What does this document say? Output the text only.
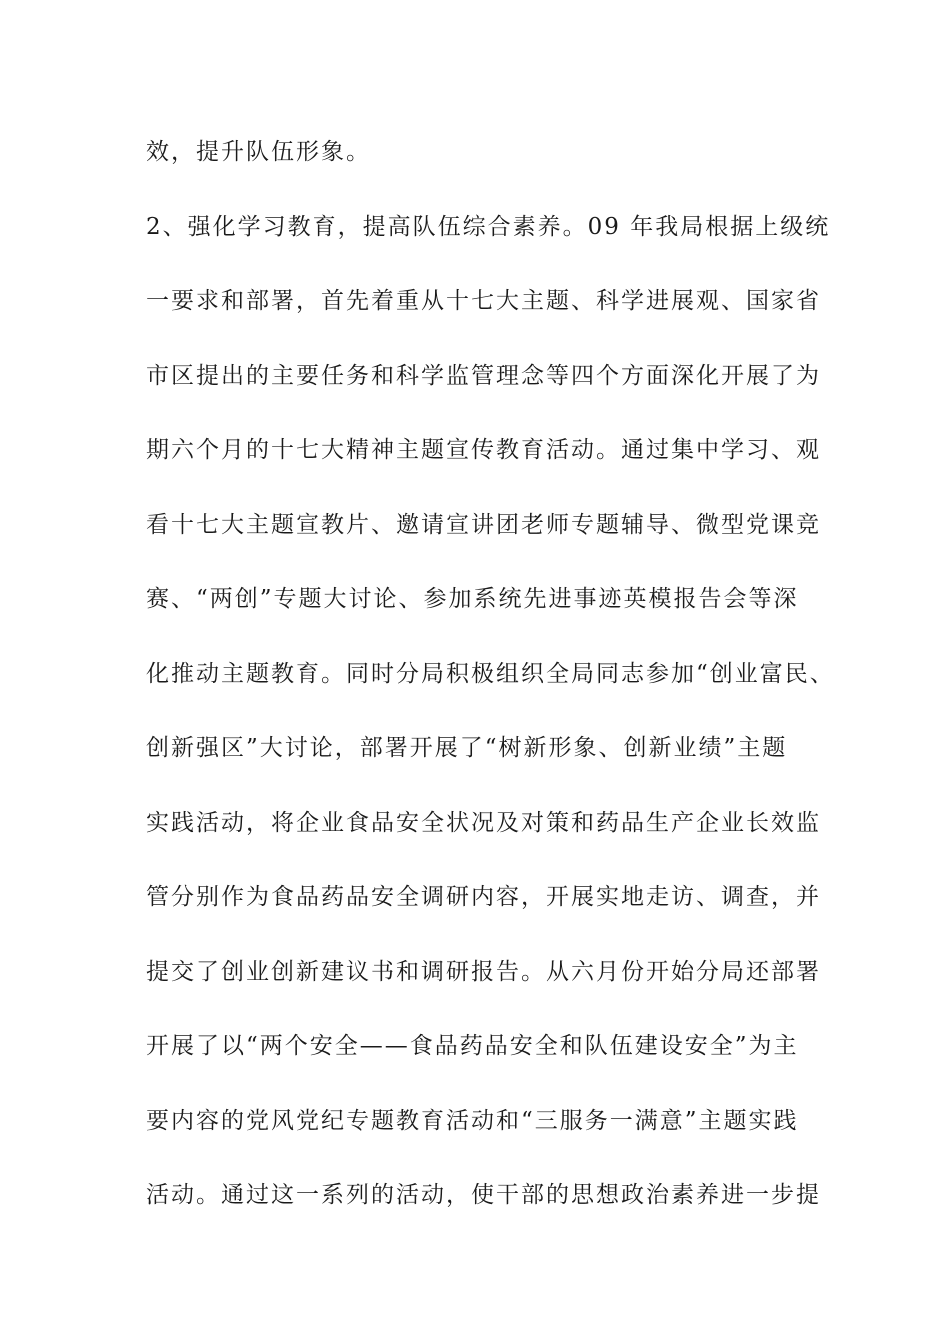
效，提升队伍形象。
2、强化学习教育，提高队伍综合素养。09 年我局根据上级统
一要求和部署，首先着重从十七大主题、科学进展观、国家省
市区提出的主要任务和科学监管理念等四个方面深化开展了为
期六个月的十七大精神主题宣传教育活动。通过集中学习、观
看十七大主题宣教片、邀请宣讲团老师专题辅导、微型党课竞
赛、“两创”专题大讨论、参加系统先进事迹英模报告会等深
化推动主题教育。同时分局积极组织全局同志参加“创业富民、
创新强区”大讨论，部署开展了“树新形象、创新业绩”主题
实践活动，将企业食品安全状况及对策和药品生产企业长效监
管分别作为食品药品安全调研内容，开展实地走访、调查，并
提交了创业创新建议书和调研报告。从六月份开始分局还部署
开展了以“两个安全——食品药品安全和队伍建设安全”为主
要内容的党风党纪专题教育活动和“三服务一满意”主题实践
活动。通过这一系列的活动，使干部的思想政治素养进一步提
